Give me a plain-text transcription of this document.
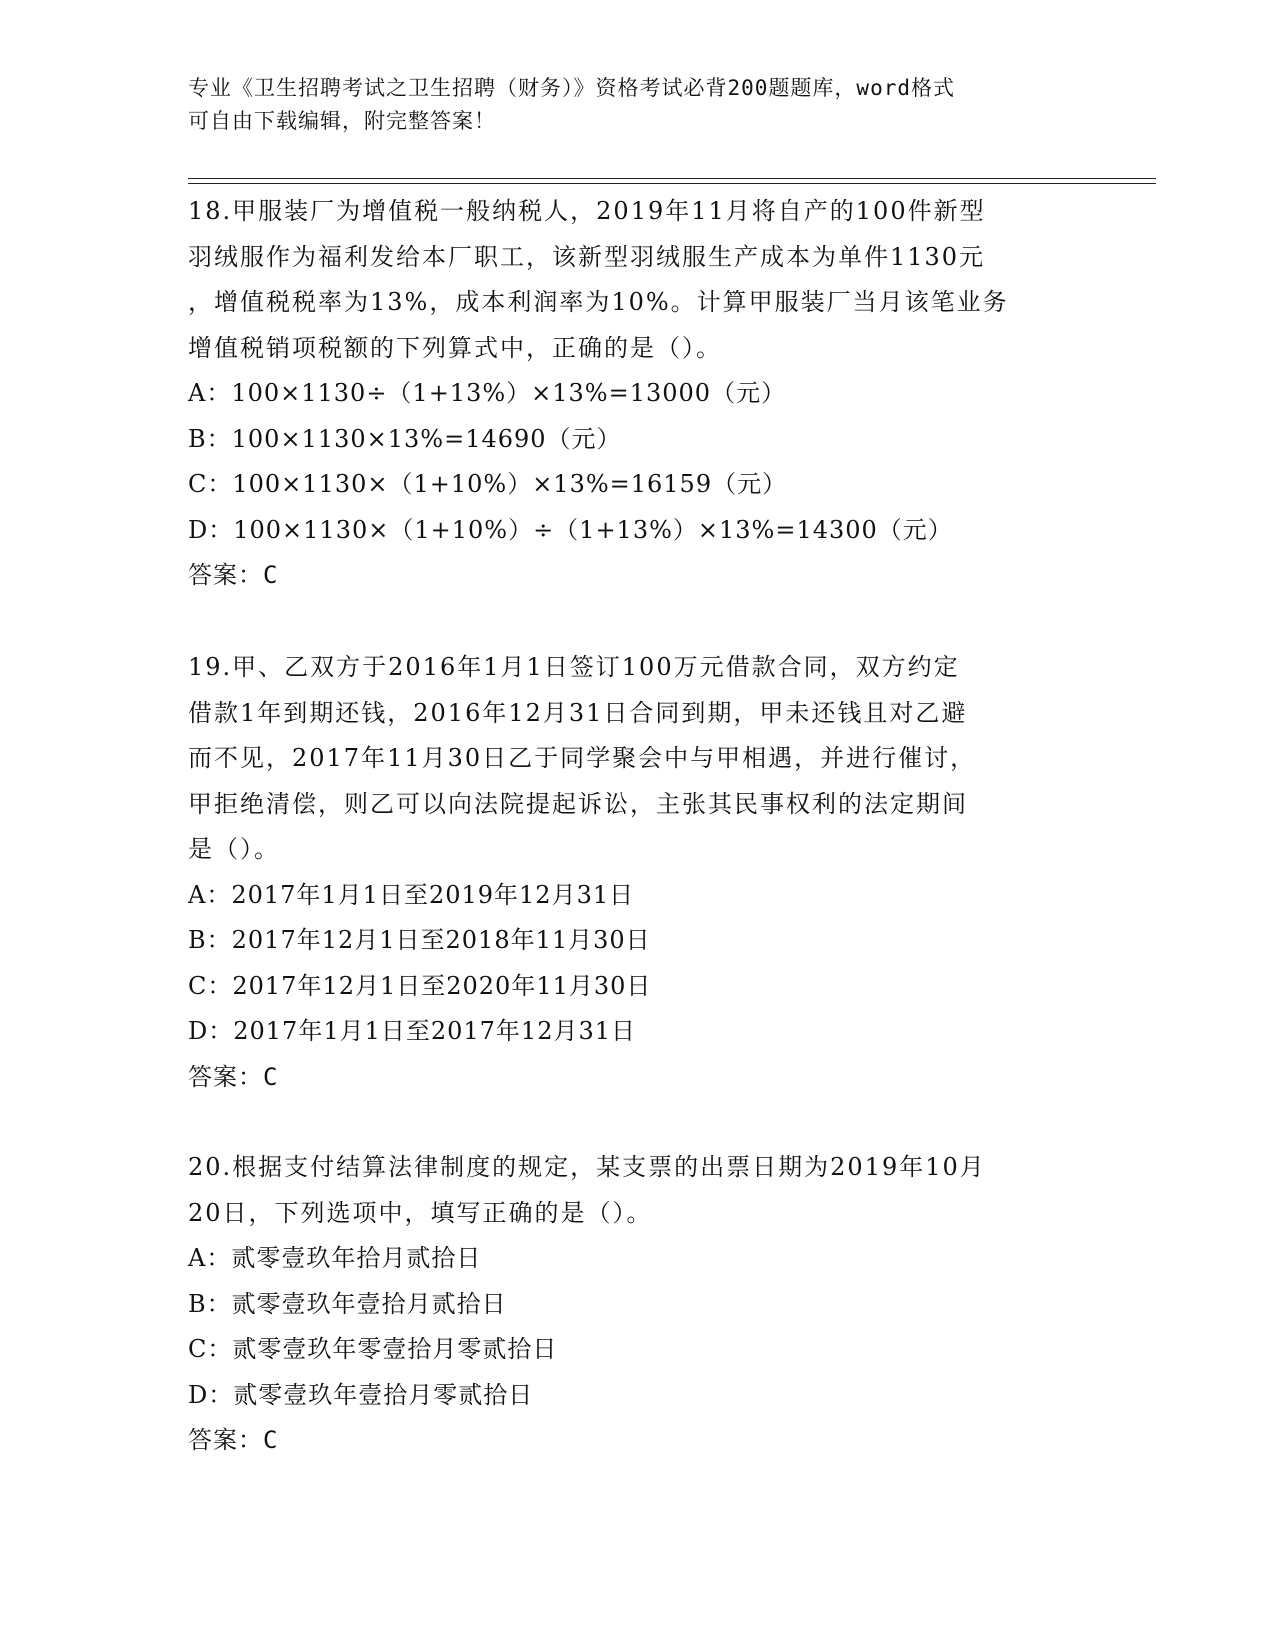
专业《卫生招聘考试之卫生招聘（财务）》资格考试必背200题题库，word格式
可自由下载编辑，附完整答案！
18.甲服装厂为增值税一般纳税人，2019年11月将自产的100件新型
羽绒服作为福利发给本厂职工，该新型羽绒服生产成本为单件1130元
，增值税税率为13%，成本利润率为10%。计算甲服装厂当月该笔业务
增值税销项税额的下列算式中，正确的是（）。
A：100×1130÷（1+13%）×13%=13000（元）
B：100×1130×13%=14690（元）
C：100×1130×（1+10%）×13%=16159（元）
D：100×1130×（1+10%）÷（1+13%）×13%=14300（元）
答案：C
19.甲、乙双方于2016年1月1日签订100万元借款合同，双方约定
借款1年到期还钱，2016年12月31日合同到期，甲未还钱且对乙避
而不见，2017年11月30日乙于同学聚会中与甲相遇，并进行催讨，
甲拒绝清偿，则乙可以向法院提起诉讼，主张其民事权利的法定期间
是（）。
A：2017年1月1日至2019年12月31日
B：2017年12月1日至2018年11月30日
C：2017年12月1日至2020年11月30日
D：2017年1月1日至2017年12月31日
答案：C
20.根据支付结算法律制度的规定，某支票的出票日期为2019年10月
20日，下列选项中，填写正确的是（）。
A：贰零壹玖年拾月贰拾日
B：贰零壹玖年壹拾月贰拾日
C：贰零壹玖年零壹拾月零贰拾日
D：贰零壹玖年壹拾月零贰拾日
答案：C
